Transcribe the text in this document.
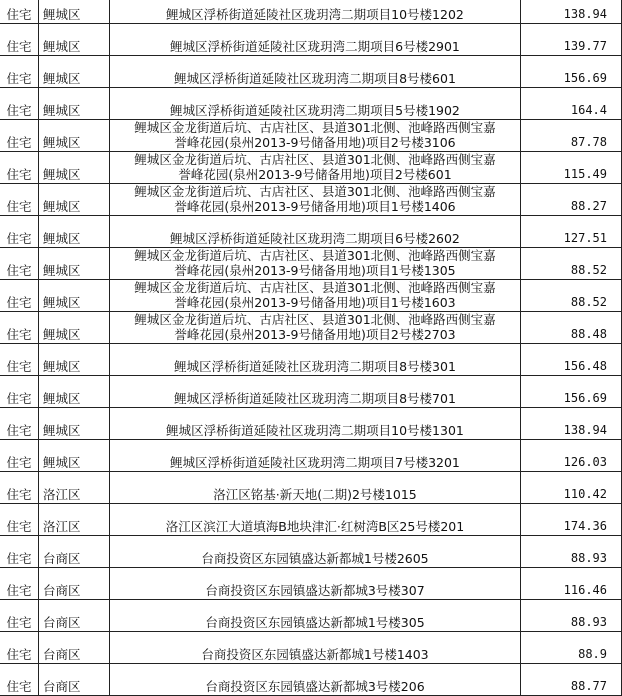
住宅	鲤城区	鲤城区浮桥街道延陵社区珑玥湾二期项目10号楼1202	138.94
住宅	鲤城区	鲤城区浮桥街道延陵社区珑玥湾二期项目6号楼2901	139.77
住宅	鲤城区	鲤城区浮桥街道延陵社区珑玥湾二期项目8号楼601	156.69
住宅	鲤城区	鲤城区浮桥街道延陵社区珑玥湾二期项目5号楼1902	164.4
住宅	鲤城区	鲤城区金龙街道后坑、古店社区、县道301北侧、池峰路西侧宝嘉
誉峰花园(泉州2013-9号储备用地)项目2号楼3106	87.78
住宅	鲤城区	鲤城区金龙街道后坑、古店社区、县道301北侧、池峰路西侧宝嘉
誉峰花园(泉州2013-9号储备用地)项目2号楼601	115.49
住宅	鲤城区	鲤城区金龙街道后坑、古店社区、县道301北侧、池峰路西侧宝嘉
誉峰花园(泉州2013-9号储备用地)项目1号楼1406	88.27
住宅	鲤城区	鲤城区浮桥街道延陵社区珑玥湾二期项目6号楼2602	127.51
住宅	鲤城区	鲤城区金龙街道后坑、古店社区、县道301北侧、池峰路西侧宝嘉
誉峰花园(泉州2013-9号储备用地)项目1号楼1305	88.52
住宅	鲤城区	鲤城区金龙街道后坑、古店社区、县道301北侧、池峰路西侧宝嘉
誉峰花园(泉州2013-9号储备用地)项目1号楼1603	88.52
住宅	鲤城区	鲤城区金龙街道后坑、古店社区、县道301北侧、池峰路西侧宝嘉
誉峰花园(泉州2013-9号储备用地)项目2号楼2703	88.48
住宅	鲤城区	鲤城区浮桥街道延陵社区珑玥湾二期项目8号楼301	156.48
住宅	鲤城区	鲤城区浮桥街道延陵社区珑玥湾二期项目8号楼701	156.69
住宅	鲤城区	鲤城区浮桥街道延陵社区珑玥湾二期项目10号楼1301	138.94
住宅	鲤城区	鲤城区浮桥街道延陵社区珑玥湾二期项目7号楼3201	126.03
住宅	洛江区	洛江区铭基·新天地(二期)2号楼1015	110.42
住宅	洛江区	洛江区滨江大道填海B地块津汇·红树湾B区25号楼201	174.36
住宅	台商区	台商投资区东园镇盛达新都城1号楼2605	88.93
住宅	台商区	台商投资区东园镇盛达新都城3号楼307	116.46
住宅	台商区	台商投资区东园镇盛达新都城1号楼305	88.93
住宅	台商区	台商投资区东园镇盛达新都城1号楼1403	88.9
住宅	台商区	台商投资区东园镇盛达新都城3号楼206	88.77
